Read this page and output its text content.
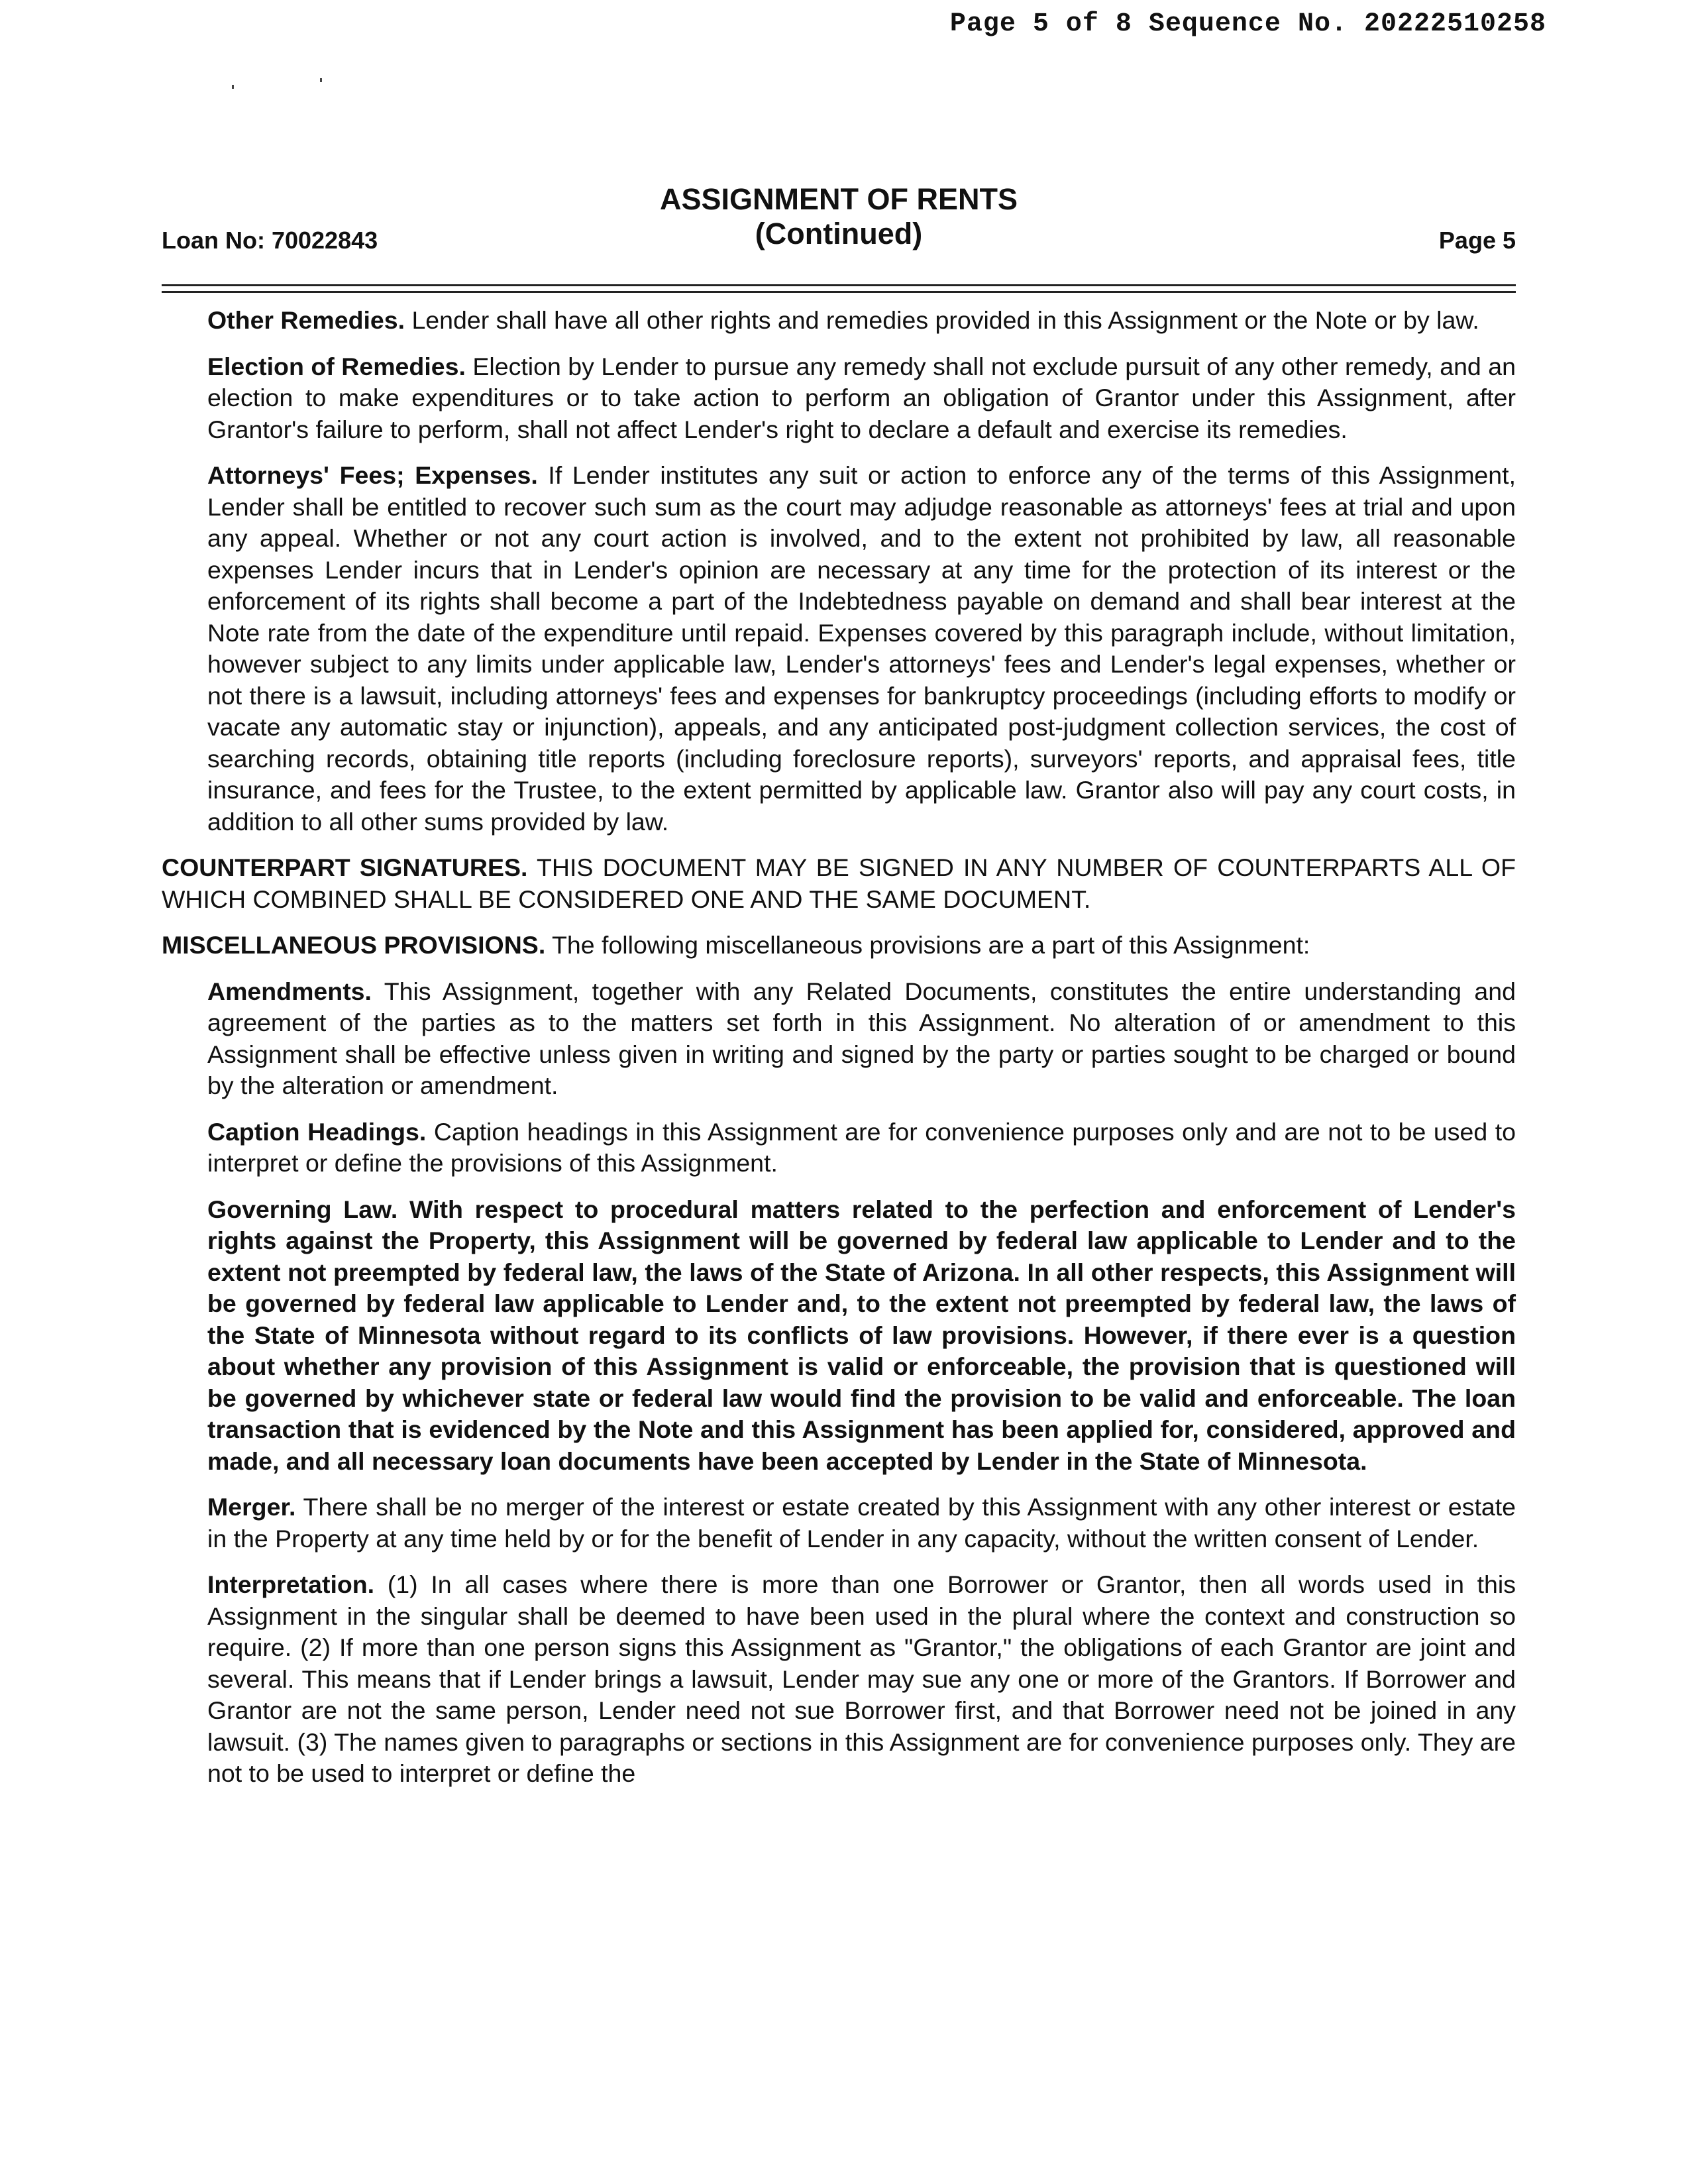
Page 5 of 8 Sequence No. 20222510258
ASSIGNMENT OF RENTS
(Continued)
Loan No: 70022843	Page 5

Other Remedies. Lender shall have all other rights and remedies provided in this Assignment or the Note or by law.

Election of Remedies. Election by Lender to pursue any remedy shall not exclude pursuit of any other remedy, and an election to make expenditures or to take action to perform an obligation of Grantor under this Assignment, after Grantor's failure to perform, shall not affect Lender's right to declare a default and exercise its remedies.

Attorneys' Fees; Expenses. If Lender institutes any suit or action to enforce any of the terms of this Assignment, Lender shall be entitled to recover such sum as the court may adjudge reasonable as attorneys' fees at trial and upon any appeal. Whether or not any court action is involved, and to the extent not prohibited by law, all reasonable expenses Lender incurs that in Lender's opinion are necessary at any time for the protection of its interest or the enforcement of its rights shall become a part of the Indebtedness payable on demand and shall bear interest at the Note rate from the date of the expenditure until repaid. Expenses covered by this paragraph include, without limitation, however subject to any limits under applicable law, Lender's attorneys' fees and Lender's legal expenses, whether or not there is a lawsuit, including attorneys' fees and expenses for bankruptcy proceedings (including efforts to modify or vacate any automatic stay or injunction), appeals, and any anticipated post-judgment collection services, the cost of searching records, obtaining title reports (including foreclosure reports), surveyors' reports, and appraisal fees, title insurance, and fees for the Trustee, to the extent permitted by applicable law. Grantor also will pay any court costs, in addition to all other sums provided by law.

COUNTERPART SIGNATURES. THIS DOCUMENT MAY BE SIGNED IN ANY NUMBER OF COUNTERPARTS ALL OF WHICH COMBINED SHALL BE CONSIDERED ONE AND THE SAME DOCUMENT.

MISCELLANEOUS PROVISIONS. The following miscellaneous provisions are a part of this Assignment:

Amendments. This Assignment, together with any Related Documents, constitutes the entire understanding and agreement of the parties as to the matters set forth in this Assignment. No alteration of or amendment to this Assignment shall be effective unless given in writing and signed by the party or parties sought to be charged or bound by the alteration or amendment.

Caption Headings. Caption headings in this Assignment are for convenience purposes only and are not to be used to interpret or define the provisions of this Assignment.

Governing Law. With respect to procedural matters related to the perfection and enforcement of Lender's rights against the Property, this Assignment will be governed by federal law applicable to Lender and to the extent not preempted by federal law, the laws of the State of Arizona. In all other respects, this Assignment will be governed by federal law applicable to Lender and, to the extent not preempted by federal law, the laws of the State of Minnesota without regard to its conflicts of law provisions. However, if there ever is a question about whether any provision of this Assignment is valid or enforceable, the provision that is questioned will be governed by whichever state or federal law would find the provision to be valid and enforceable. The loan transaction that is evidenced by the Note and this Assignment has been applied for, considered, approved and made, and all necessary loan documents have been accepted by Lender in the State of Minnesota.

Merger. There shall be no merger of the interest or estate created by this Assignment with any other interest or estate in the Property at any time held by or for the benefit of Lender in any capacity, without the written consent of Lender.

Interpretation. (1) In all cases where there is more than one Borrower or Grantor, then all words used in this Assignment in the singular shall be deemed to have been used in the plural where the context and construction so require. (2) If more than one person signs this Assignment as "Grantor," the obligations of each Grantor are joint and several. This means that if Lender brings a lawsuit, Lender may sue any one or more of the Grantors. If Borrower and Grantor are not the same person, Lender need not sue Borrower first, and that Borrower need not be joined in any lawsuit. (3) The names given to paragraphs or sections in this Assignment are for convenience purposes only. They are not to be used to interpret or define the
